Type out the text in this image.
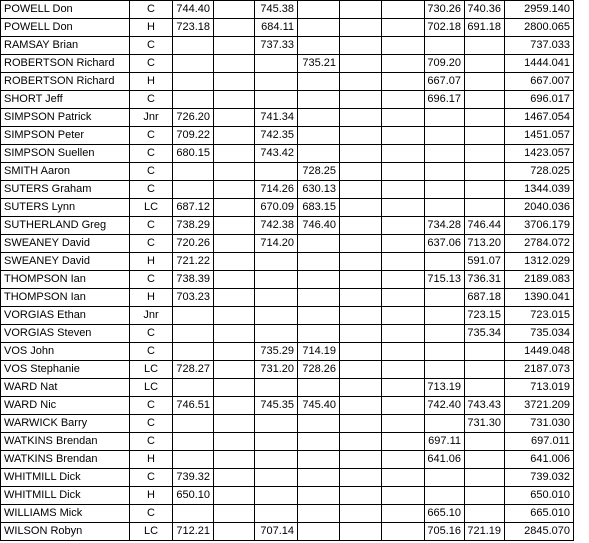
POWELL Don	C	744.40		745.38				730.26	740.36	2959.140
POWELL Don	H	723.18		684.11				702.18	691.18	2800.065
RAMSAY Brian	C			737.33						737.033
ROBERTSON Richard	C				735.21			709.20		1444.041
ROBERTSON Richard	H							667.07		667.007
SHORT Jeff	C							696.17		696.017
SIMPSON Patrick	Jnr	726.20		741.34						1467.054
SIMPSON Peter	C	709.22		742.35						1451.057
SIMPSON Suellen	C	680.15		743.42						1423.057
SMITH Aaron	C				728.25					728.025
SUTERS Graham	C			714.26	630.13					1344.039
SUTERS Lynn	LC	687.12		670.09	683.15					2040.036
SUTHERLAND Greg	C	738.29		742.38	746.40			734.28	746.44	3706.179
SWEANEY David	C	720.26		714.20				637.06	713.20	2784.072
SWEANEY David	H	721.22							591.07	1312.029
THOMPSON Ian	C	738.39						715.13	736.31	2189.083
THOMPSON Ian	H	703.23							687.18	1390.041
VORGIAS Ethan	Jnr								723.15	723.015
VORGIAS Steven	C								735.34	735.034
VOS John	C			735.29	714.19					1449.048
VOS Stephanie	LC	728.27		731.20	728.26					2187.073
WARD Nat	LC							713.19		713.019
WARD Nic	C	746.51		745.35	745.40			742.40	743.43	3721.209
WARWICK Barry	C								731.30	731.030
WATKINS Brendan	C							697.11		697.011
WATKINS Brendan	H							641.06		641.006
WHITMILL Dick	C	739.32								739.032
WHITMILL Dick	H	650.10								650.010
WILLIAMS Mick	C							665.10		665.010
WILSON Robyn	LC	712.21		707.14				705.16	721.19	2845.070
